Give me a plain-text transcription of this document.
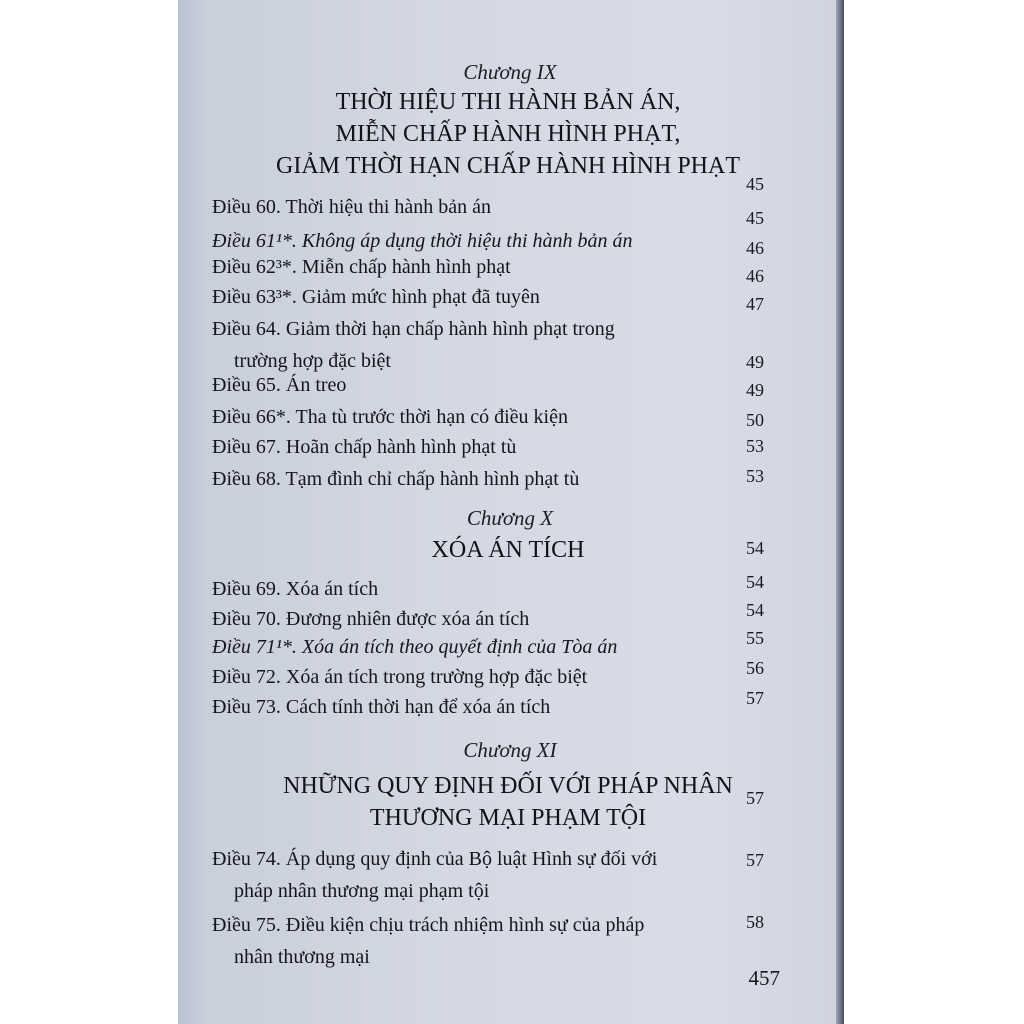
Chương IX
THỜI HIỆU THI HÀNH BẢN ÁN,
MIỄN CHẤP HÀNH HÌNH PHẠT,
GIẢM THỜI HẠN CHẤP HÀNH HÌNH PHẠT
45
Điều 60. Thời hiệu thi hành bản án	45
Điều 61¹*. Không áp dụng thời hiệu thi hành bản án	46
Điều 62³*. Miễn chấp hành hình phạt	46
Điều 63³*. Giảm mức hình phạt đã tuyên	47
Điều 64. Giảm thời hạn chấp hành hình phạt trong
trường hợp đặc biệt	49
Điều 65. Án treo	49
Điều 66*. Tha tù trước thời hạn có điều kiện	50
Điều 67. Hoãn chấp hành hình phạt tù	53
Điều 68. Tạm đình chỉ chấp hành hình phạt tù	53
Chương X
XÓA ÁN TÍCH	54
Điều 69. Xóa án tích	54
Điều 70. Đương nhiên được xóa án tích	54
Điều 71¹*. Xóa án tích theo quyết định của Tòa án	55
Điều 72. Xóa án tích trong trường hợp đặc biệt	56
Điều 73. Cách tính thời hạn để xóa án tích	57
Chương XI
NHỮNG QUY ĐỊNH ĐỐI VỚI PHÁP NHÂN
THƯƠNG MẠI PHẠM TỘI
57
Điều 74. Áp dụng quy định của Bộ luật Hình sự đối với
pháp nhân thương mại phạm tội
57
Điều 75. Điều kiện chịu trách nhiệm hình sự của pháp
nhân thương mại
58
457
